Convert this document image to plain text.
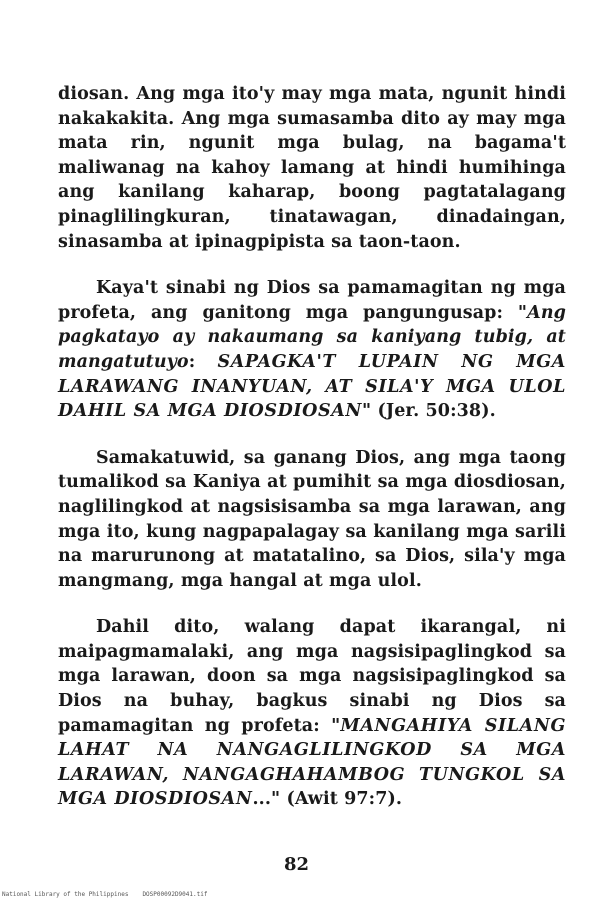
diosan. Ang mga ito'y may mga mata, ngunit hindi nakakakita. Ang mga sumasamba dito ay may mga mata rin, ngunit mga bulag, na bagama't maliwanag na kahoy lamang at hindi humihinga ang kanilang kaharap, boong pagtatalagang pinaglilingkuran, tinatawagan, dinadaingan, sinasamba at ipinagpipista sa taon-taon.

Kaya't sinabi ng Dios sa pamamagitan ng mga profeta, ang ganitong mga pangungusap: "Ang pagkatayo ay nakaumang sa kaniyang tubig, at mangatutuyo: SAPAGKA'T LUPAIN NG MGA LARAWANG INANYUAN, AT SILA'Y MGA ULOL DAHIL SA MGA DIOSDIOSAN" (Jer. 50:38).

Samakatuwid, sa ganang Dios, ang mga taong tumalikod sa Kaniya at pumihit sa mga diosdiosan, naglilingkod at nagsisisamba sa mga larawan, ang mga ito, kung nagpapalagay sa kanilang mga sarili na marurunong at matatalino, sa Dios, sila'y mga mangmang, mga hangal at mga ulol.

Dahil dito, walang dapat ikarangal, ni maipagmamalaki, ang mga nagsisipaglingkod sa mga larawan, doon sa mga nagsisipaglingkod sa Dios na buhay, bagkus sinabi ng Dios sa pamamagitan ng profeta: "MANGAHIYA SILANG LAHAT NA NANGAGLILINGKOD SA MGA LARAWAN, NANGAGHAHAMBOG TUNGKOL SA MGA DIOSDIOSAN..." (Awit 97:7).

82
National Library of the Philippines DOSP00092D9041.tif
